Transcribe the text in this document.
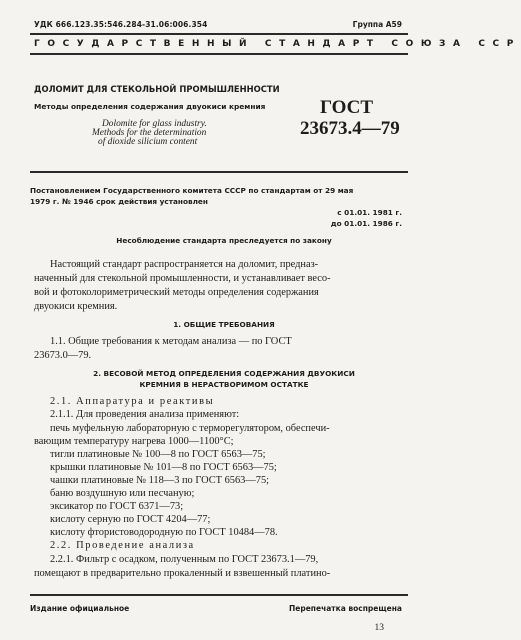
УДК 666.123.35:546.284-31.06:006.354	Группа А59
ГОСУДАРСТВЕННЫЙ СТАНДАРТ СОЮЗА ССР
ДОЛОМИТ ДЛЯ СТЕКОЛЬНОЙ ПРОМЫШЛЕННОСТИ
Методы определения содержания двуокиси кремния	ГОСТ
23673.4—79
Dolomite for glass industry.
Methods for the determination
of dioxide silicium content
Постановлением Государственного комитета СССР по стандартам от 29 мая
1979 г. № 1946 срок действия установлен
с 01.01. 1981 г.
до 01.01. 1986 г.
Несоблюдение стандарта преследуется по закону
Настоящий стандарт распространяется на доломит, предназ-
наченный для стекольной промышленности, и устанавливает весо-
вой и фотоколориметрический методы определения содержания
двуокиси кремния.
1. ОБЩИЕ ТРЕБОВАНИЯ
1.1. Общие требования к методам анализа — по ГОСТ
23673.0—79.
2. ВЕСОВОЙ МЕТОД ОПРЕДЕЛЕНИЯ СОДЕРЖАНИЯ ДВУОКИСИ
КРЕМНИЯ В НЕРАСТВОРИМОМ ОСТАТКЕ
2.1. Аппаратура и реактивы
2.1.1. Для проведения анализа применяют:
печь муфельную лабораторную с терморегулятором, обеспечи-
вающим температуру нагрева 1000—1100°С;
тигли платиновые № 100—8 по ГОСТ 6563—75;
крышки платиновые № 101—8 по ГОСТ 6563—75;
чашки платиновые № 118—3 по ГОСТ 6563—75;
баню воздушную или песчаную;
эксикатор по ГОСТ 6371—73;
кислоту серную по ГОСТ 4204—77;
кислоту фтористоводородную по ГОСТ 10484—78.
2.2. Проведение анализа
2.2.1. Фильтр с осадком, полученным по ГОСТ 23673.1—79,
помещают в предварительно прокаленный и взвешенный платино-
Издание официальное	Перепечатка воспрещена
13
